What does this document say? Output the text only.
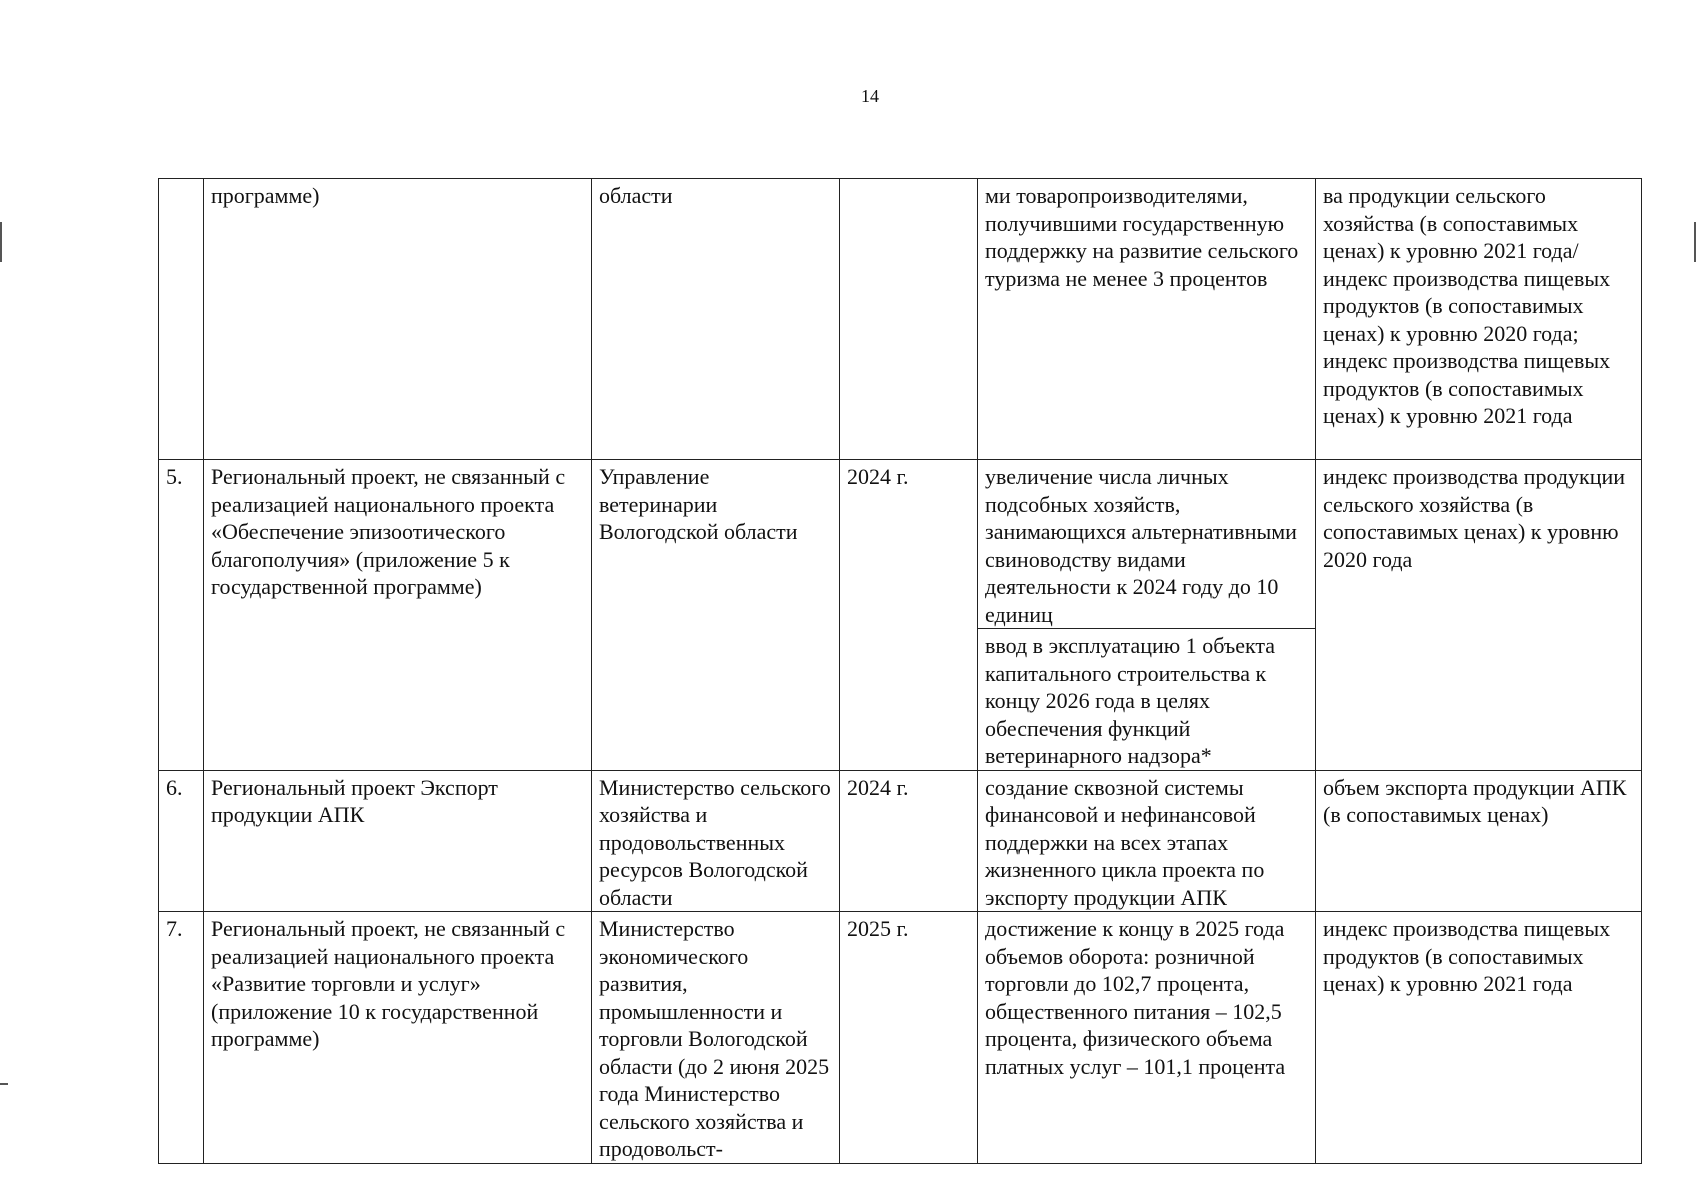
14
	программе)	области		ми товаропроизводителями, получившими государственную поддержку на развитие сельского туризма не менее 3 процентов	ва продукции сельского хозяйства (в сопоставимых ценах) к уровню 2021 года/индекс производства пищевых продуктов (в сопоставимых ценах) к уровню 2020 года; индекс производства пищевых продуктов (в сопоставимых ценах) к уровню 2021 года
5.	Региональный проект, не связанный с реализацией национального проекта «Обеспечение эпизоотического благополучия» (приложение 5 к государственной программе)	Управление ветеринарии Вологодской области	2024 г.	увеличение числа личных подсобных хозяйств, занимающихся альтернативными свиноводству видами деятельности к 2024 году до 10 единиц	индекс производства продукции сельского хозяйства (в сопоставимых ценах) к уровню 2020 года
				ввод в эксплуатацию 1 объекта капитального строительства к концу 2026 года в целях обеспечения функций ветеринарного надзора*	
6.	Региональный проект Экспорт продукции АПК	Министерство сельского хозяйства и продовольственных ресурсов Вологодской области	2024 г.	создание сквозной системы финансовой и нефинансовой поддержки на всех этапах жизненного цикла проекта по экспорту продукции АПК	объем экспорта продукции АПК (в сопоставимых ценах)
7.	Региональный проект, не связанный с реализацией национального проекта «Развитие торговли и услуг» (приложение 10 к государственной программе)	Министерство экономического развития, промышленности и торговли Вологодской области (до 2 июня 2025 года Министерство сельского хозяйства и продовольст-	2025 г.	достижение к концу в 2025 года объемов оборота: розничной торговли до 102,7 процента, общественного питания – 102,5 процента, физического объема платных услуг – 101,1 процента	индекс производства пищевых продуктов (в сопоставимых ценах) к уровню 2021 года
